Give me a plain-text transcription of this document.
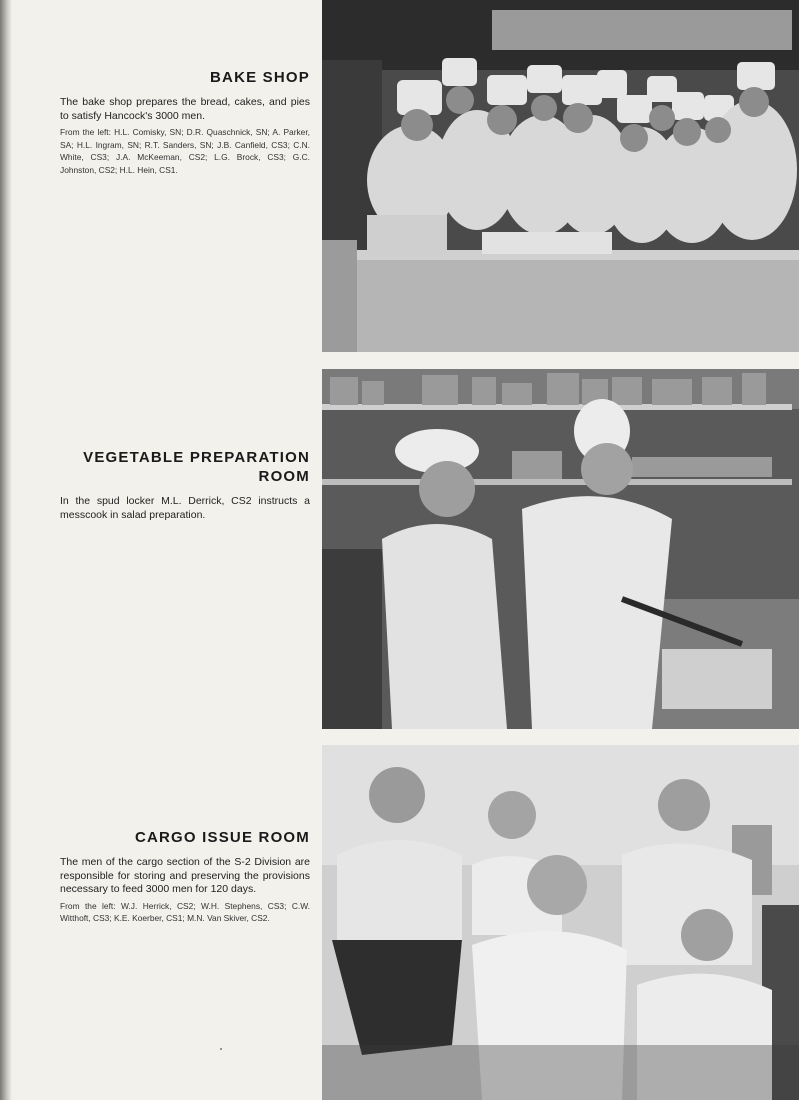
BAKE SHOP

The bake shop prepares the bread, cakes, and pies to satisfy Hancock's 3000 men.

From the left: H.L. Comisky, SN; D.R. Quaschnick, SN; A. Parker, SA; H.L. Ingram, SN; R.T. Sanders, SN; J.B. Canfield, CS3; C.N. White, CS3; J.A. McKeeman, CS2; L.G. Brock, CS3; G.C. Johnston, CS2; H.L. Hein, CS1.

VEGETABLE PREPARATION
ROOM

In the spud locker M.L. Derrick, CS2 instructs a messcook in salad preparation.

CARGO ISSUE ROOM

The men of the cargo section of the S-2 Division are responsible for storing and preserving the provisions necessary to feed 3000 men for 120 days.

From the left: W.J. Herrick, CS2; W.H. Stephens, CS3; C.W. Witthoft, CS3; K.E. Koerber, CS1; M.N. Van Skiver, CS2.
